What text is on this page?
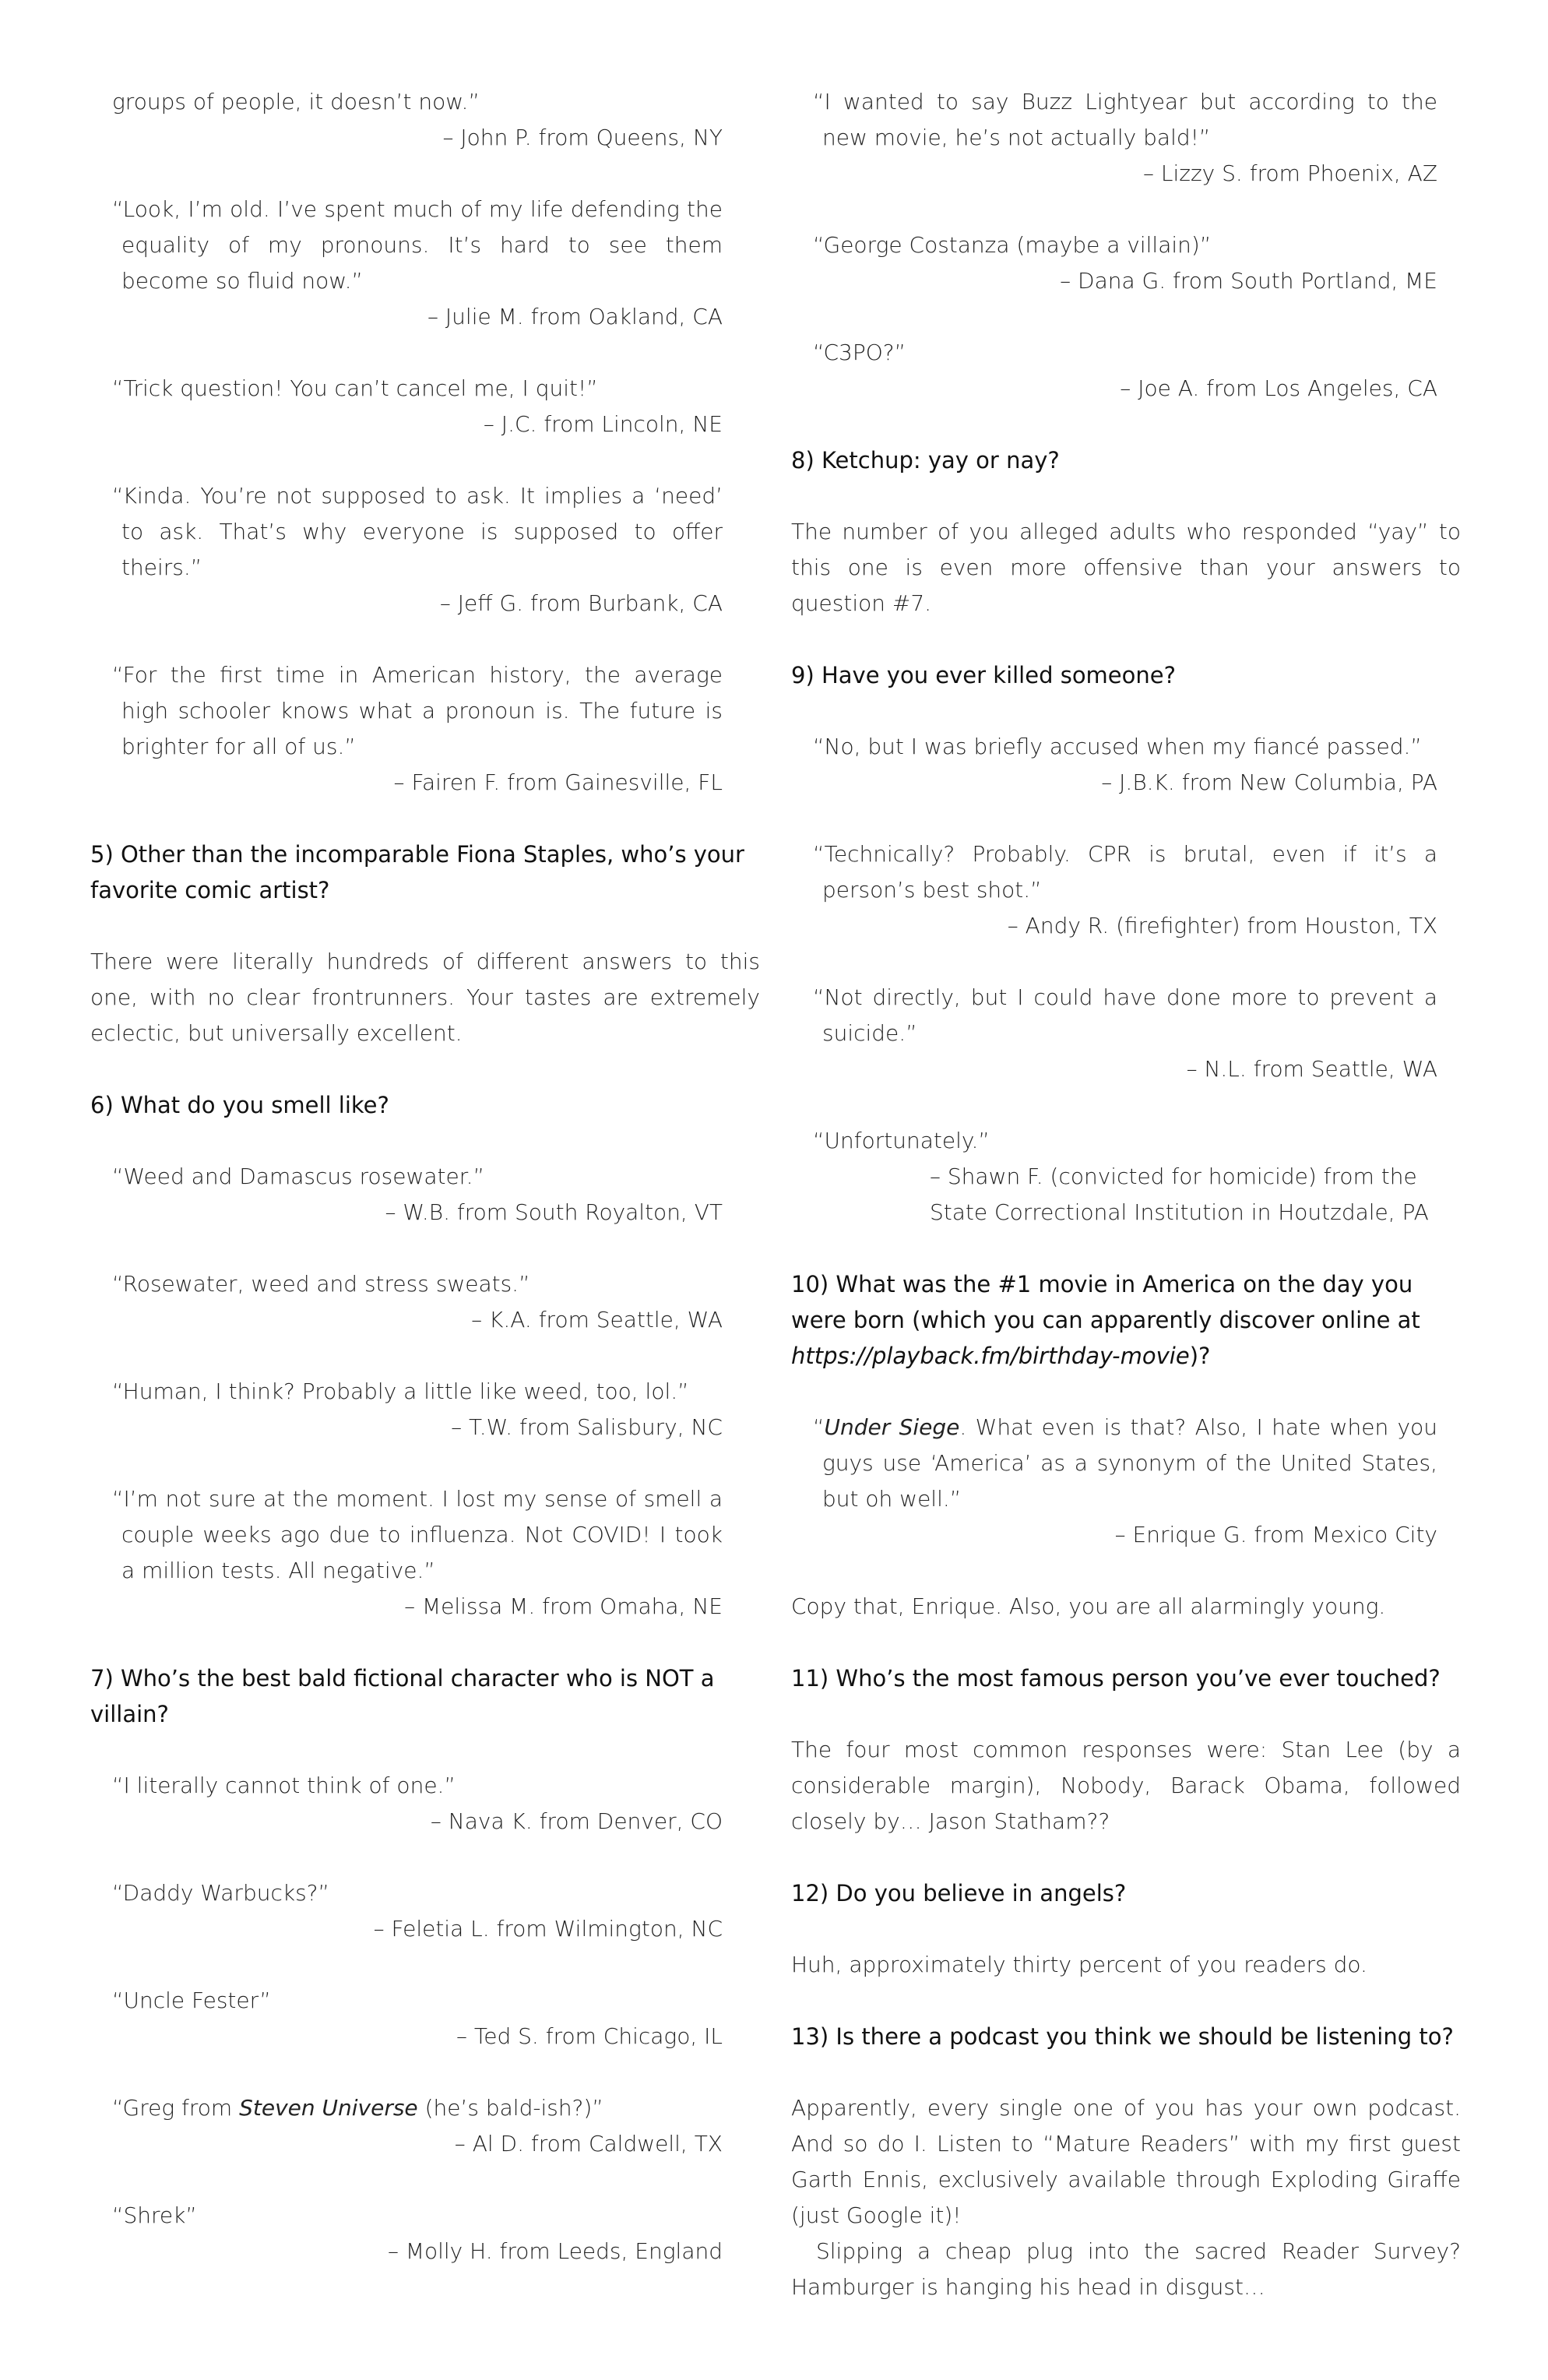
groups of people, it doesn’t now.”
– John P. from Queens, NY
“Look, I’m old. I’ve spent much of my life defending the equality of my pronouns. It’s hard to see them become so fluid now.”
– Julie M. from Oakland, CA
“Trick question! You can’t cancel me, I quit!”
– J.C. from Lincoln, NE
“Kinda. You’re not supposed to ask. It implies a ‘need’ to ask. That’s why everyone is supposed to offer theirs.”
– Jeff G. from Burbank, CA
“For the first time in American history, the average high schooler knows what a pronoun is. The future is brighter for all of us.”
– Fairen F. from Gainesville, FL
5) Other than the incomparable Fiona Staples, who’s your favorite comic artist?
There were literally hundreds of different answers to this one, with no clear frontrunners. Your tastes are extremely eclectic, but universally excellent.
6) What do you smell like?
“Weed and Damascus rosewater.”
– W.B. from South Royalton, VT
“Rosewater, weed and stress sweats.”
– K.A. from Seattle, WA
“Human, I think? Probably a little like weed, too, lol.”
– T.W. from Salisbury, NC
“I’m not sure at the moment. I lost my sense of smell a couple weeks ago due to influenza. Not COVID! I took a million tests. All negative.”
– Melissa M. from Omaha, NE
7) Who’s the best bald fictional character who is NOT a villain?
“I literally cannot think of one.”
– Nava K. from Denver, CO
“Daddy Warbucks?”
– Feletia L. from Wilmington, NC
“Uncle Fester”
– Ted S. from Chicago, IL
“Greg from Steven Universe (he’s bald-ish?)”
– Al D. from Caldwell, TX
“Shrek”
– Molly H. from Leeds, England
“I wanted to say Buzz Lightyear but according to the new movie, he’s not actually bald!”
– Lizzy S. from Phoenix, AZ
“George Costanza (maybe a villain)”
– Dana G. from South Portland, ME
“C3PO?”
– Joe A. from Los Angeles, CA
8) Ketchup: yay or nay?
The number of you alleged adults who responded “yay” to this one is even more offensive than your answers to question #7.
9) Have you ever killed someone?
“No, but I was briefly accused when my fiancé passed.”
– J.B.K. from New Columbia, PA
“Technically? Probably. CPR is brutal, even if it’s a person’s best shot.”
– Andy R. (firefighter) from Houston, TX
“Not directly, but I could have done more to prevent a suicide.”
– N.L. from Seattle, WA
“Unfortunately.”
– Shawn F. (convicted for homicide) from the State Correctional Institution in Houtzdale, PA
10) What was the #1 movie in America on the day you were born (which you can apparently discover online at https://playback.fm/birthday-movie)?
“Under Siege. What even is that? Also, I hate when you guys use ‘America’ as a synonym of the United States, but oh well.”
– Enrique G. from Mexico City
Copy that, Enrique. Also, you are all alarmingly young.
11) Who’s the most famous person you’ve ever touched?
The four most common responses were: Stan Lee (by a considerable margin), Nobody, Barack Obama, followed closely by… Jason Statham??
12) Do you believe in angels?
Huh, approximately thirty percent of you readers do.
13) Is there a podcast you think we should be listening to?
Apparently, every single one of you has your own podcast. And so do I. Listen to “Mature Readers” with my first guest Garth Ennis, exclusively available through Exploding Giraffe (just Google it)!
Slipping a cheap plug into the sacred Reader Survey? Hamburger is hanging his head in disgust…
